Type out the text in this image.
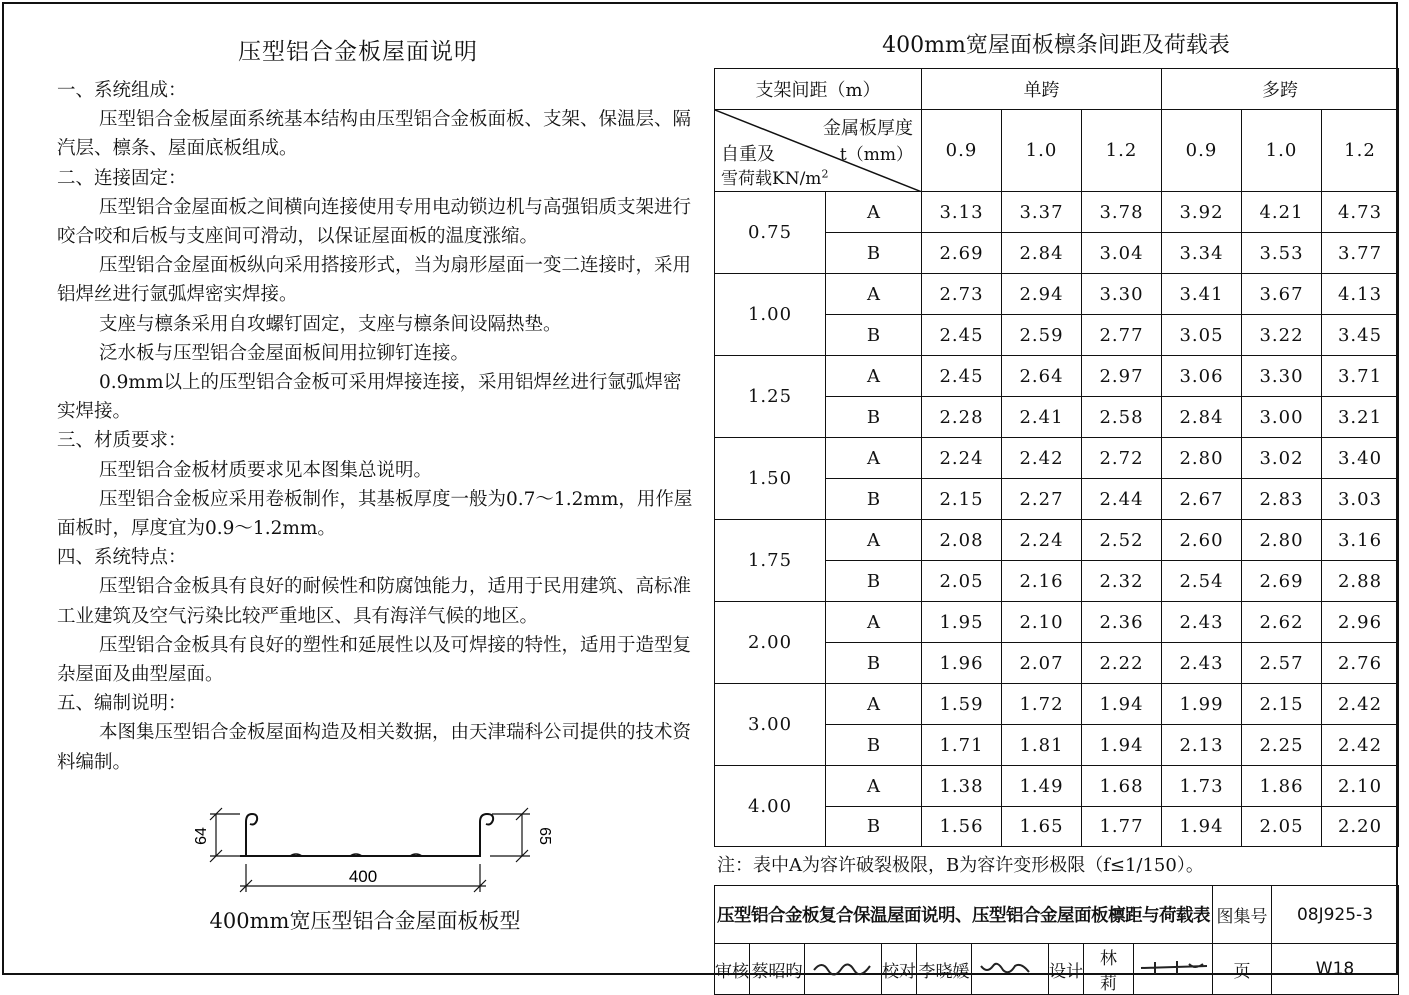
压型铝合金板屋面说明

一、系统组成：

压型铝合金板屋面系统基本结构由压型铝合金板面板、支架、保温层、隔汽层、檩条、屋面底板组成。

二、连接固定：

压型铝合金屋面板之间横向连接使用专用电动锁边机与高强铝质支架进行咬合咬和后板与支座间可滑动，以保证屋面板的温度涨缩。

压型铝合金屋面板纵向采用搭接形式，当为扇形屋面一变二连接时，采用铝焊丝进行氩弧焊密实焊接。

支座与檩条采用自攻螺钉固定，支座与檩条间设隔热垫。

泛水板与压型铝合金屋面板间用拉铆钉连接。

0.9mm以上的压型铝合金板可采用焊接连接，采用铝焊丝进行氩弧焊密实焊接。

三、材质要求：

压型铝合金板材质要求见本图集总说明。

压型铝合金板应采用卷板制作，其基板厚度一般为0.7～1.2mm，用作屋面板时，厚度宜为0.9～1.2mm。

四、系统特点：

压型铝合金板具有良好的耐候性和防腐蚀能力，适用于民用建筑、高标准工业建筑及空气污染比较严重地区、具有海洋气候的地区。

压型铝合金板具有良好的塑性和延展性以及可焊接的特性，适用于造型复杂屋面及曲型屋面。

五、编制说明：

本图集压型铝合金板屋面构造及相关数据，由天津瑞科公司提供的技术资料编制。

64	65
400
400mm宽压型铝合金屋面板板型
400mm宽屋面板檩条间距及荷载表
支架间距（m）		单跨			多跨		

金属板厚度
t（mm）
自重及
雪荷载$KN/m^2$		0.9	1.0	1.2	0.9	1.0	1.2
0.75	A	3.13	3.37	3.78	3.92	4.21	4.73
	B	2.69	2.84	3.04	3.34	3.53	3.77
1.00	A	2.73	2.94	3.30	3.41	3.67	4.13
	B	2.45	2.59	2.77	3.05	3.22	3.45
1.25	A	2.45	2.64	2.97	3.06	3.30	3.71
	B	2.28	2.41	2.58	2.84	3.00	3.21
1.50	A	2.24	2.42	2.72	2.80	3.02	3.40
	B	2.15	2.27	2.44	2.67	2.83	3.03
1.75	A	2.08	2.24	2.52	2.60	2.80	3.16
	B	2.05	2.16	2.32	2.54	2.69	2.88
2.00	A	1.95	2.10	2.36	2.43	2.62	2.96
	B	1.96	2.07	2.22	2.43	2.57	2.76
3.00	A	1.59	1.72	1.94	1.99	2.15	2.42
	B	1.71	1.81	1.94	2.13	2.25	2.42
4.00	A	1.38	1.49	1.68	1.73	1.86	2.10
	B	1.56	1.65	1.77	1.94	2.05	2.20
注：表中A为容许破裂极限，B为容许变形极限（f≤1/150）。
压型铝合金板复合保温屋面说明、压型铝合金屋面板檩距与荷载表									图集号	08J925-3
审核	蔡昭昀		校对	李晓媛		设计	林　莉		页	W18
